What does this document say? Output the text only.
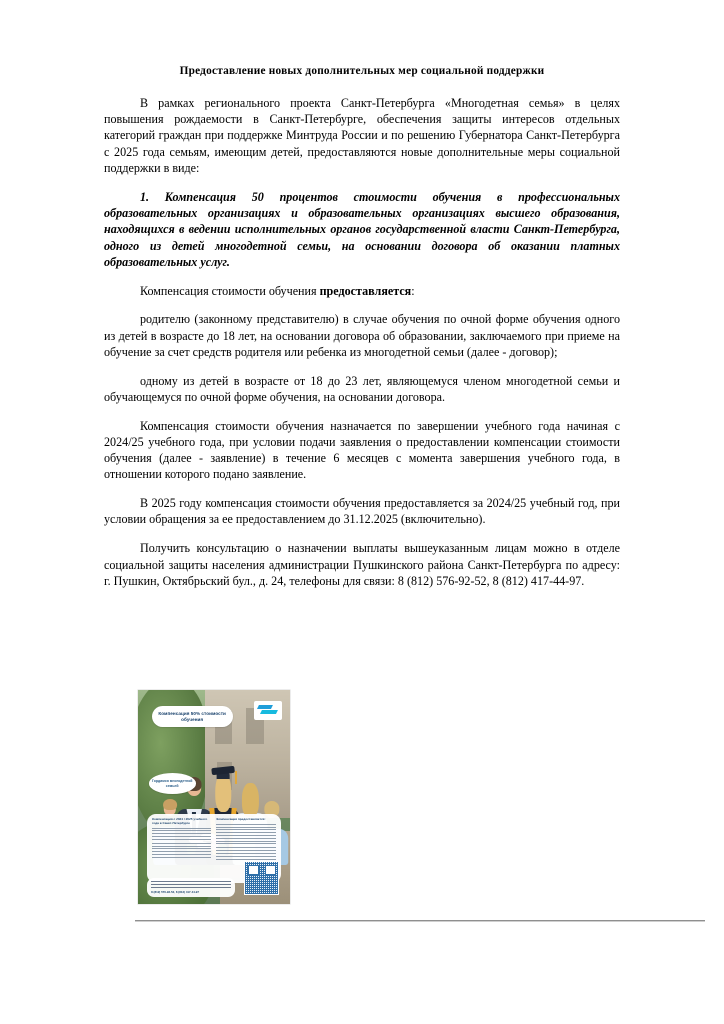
Предоставление новых дополнительных мер социальной поддержки

В рамках регионального проекта Санкт-Петербурга «Многодетная семья» в целях повышения рождаемости в Санкт-Петербурге, обеспечения защиты интересов отдельных категорий граждан при поддержке Минтруда России и по решению Губернатора Санкт-Петербурга с 2025 года семьям, имеющим детей, предоставляются новые дополнительные меры социальной поддержки в виде:

1. Компенсация 50 процентов стоимости обучения в профессиональных образовательных организациях и образовательных организациях высшего образования, находящихся в ведении исполнительных органов государственной власти Санкт-Петербурга, одного из детей многодетной семьи, на основании договора об оказании платных образовательных услуг.

Компенсация стоимости обучения предоставляется:

родителю (законному представителю) в случае обучения по очной форме обучения одного из детей в возрасте до 18 лет, на основании договора об образовании, заключаемого при приеме на обучение за счет средств родителя или ребенка из многодетной семьи (далее - договор);

одному из детей в возрасте от 18 до 23 лет, являющемуся членом многодетной семьи и обучающемуся по очной форме обучения, на основании договора.

Компенсация стоимости обучения назначается по завершении учебного года начиная с 2024/25 учебного года, при условии подачи заявления о предоставлении компенсации стоимости обучения (далее - заявление) в течение 6 месяцев с момента завершения учебного года, в отношении которого подано заявление.

В 2025 году компенсация стоимости обучения предоставляется за 2024/25 учебный год, при условии обращения за ее предоставлением до 31.12.2025 (включительно).

Получить консультацию о назначении выплаты вышеуказанным лицам можно в отделе социальной защиты населения администрации Пушкинского района Санкт-Петербурга по адресу: г. Пушкин, Октябрьский бул., д. 24, телефоны для связи: 8 (812) 576-92-52, 8 (812) 417-44-97.

Компенсация 50% стоимости обучения
Гордимся многодетной семьей
Компенсация с 2024 / 2025 учебного года в Санкт-Петербурге
Компенсация предоставляется:
8 (812) 576-92-52, 8 (812) 417-44-97
